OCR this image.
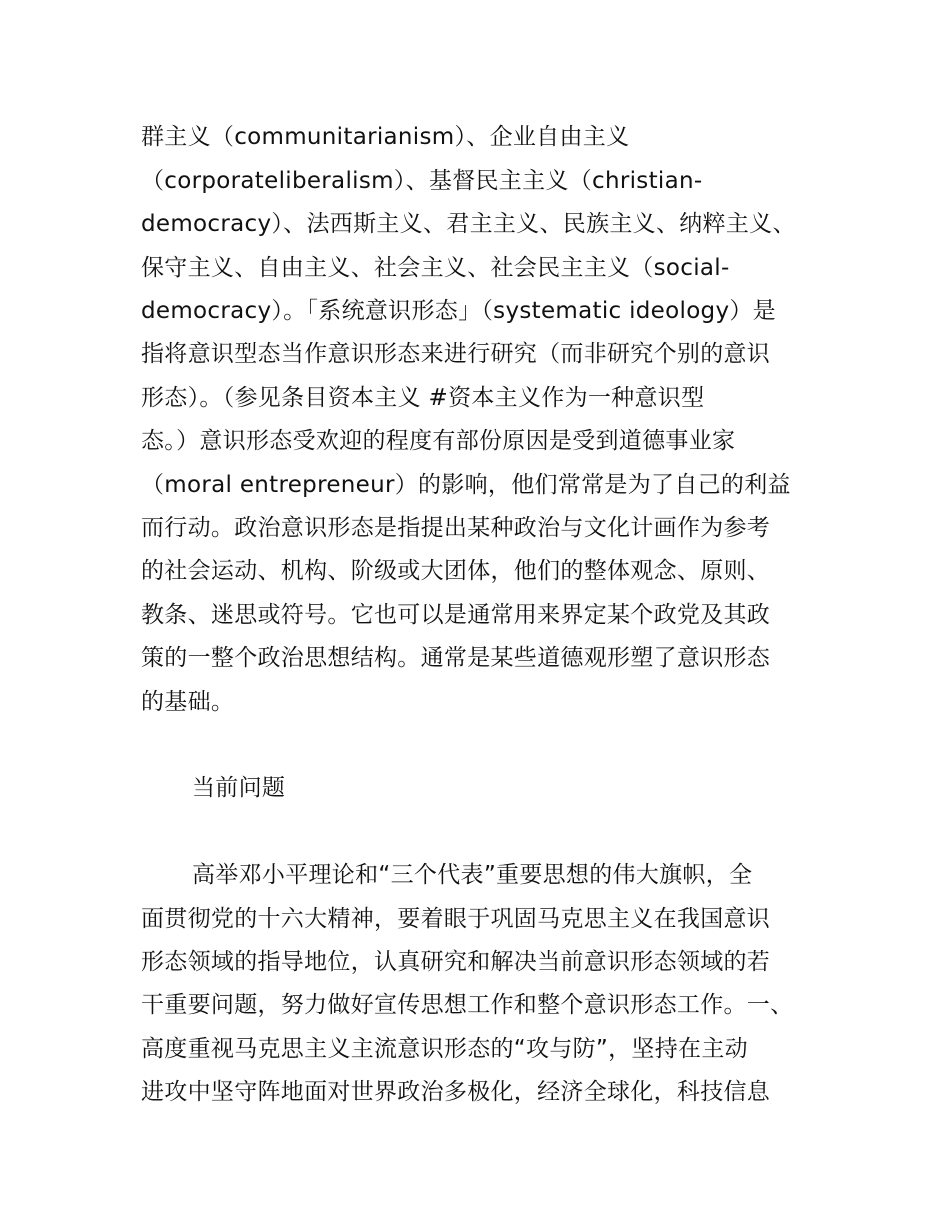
群主义（communitarianism）、企业自由主义
（corporateliberalism）、基督民主主义（christian-
democracy）、法西斯主义、君主主义、民族主义、纳粹主义、
保守主义、自由主义、社会主义、社会民主主义（social-
democracy）。「系统意识形态」（systematic ideology）是
指将意识型态当作意识形态来进行研究（而非研究个别的意识
形态）。（参见条目资本主义 #资本主义作为一种意识型
态。）意识形态受欢迎的程度有部份原因是受到道德事业家
（moral entrepreneur）的影响，他们常常是为了自己的利益
而行动。政治意识形态是指提出某种政治与文化计画作为参考
的社会运动、机构、阶级或大团体，他们的整体观念、原则、
教条、迷思或符号。它也可以是通常用来界定某个政党及其政
策的一整个政治思想结构。通常是某些道德观形塑了意识形态
的基础。
当前问题
高举邓小平理论和“三个代表”重要思想的伟大旗帜，全
面贯彻党的十六大精神，要着眼于巩固马克思主义在我国意识
形态领域的指导地位，认真研究和解决当前意识形态领域的若
干重要问题，努力做好宣传思想工作和整个意识形态工作。一、
高度重视马克思主义主流意识形态的“攻与防”，坚持在主动
进攻中坚守阵地面对世界政治多极化，经济全球化，科技信息
